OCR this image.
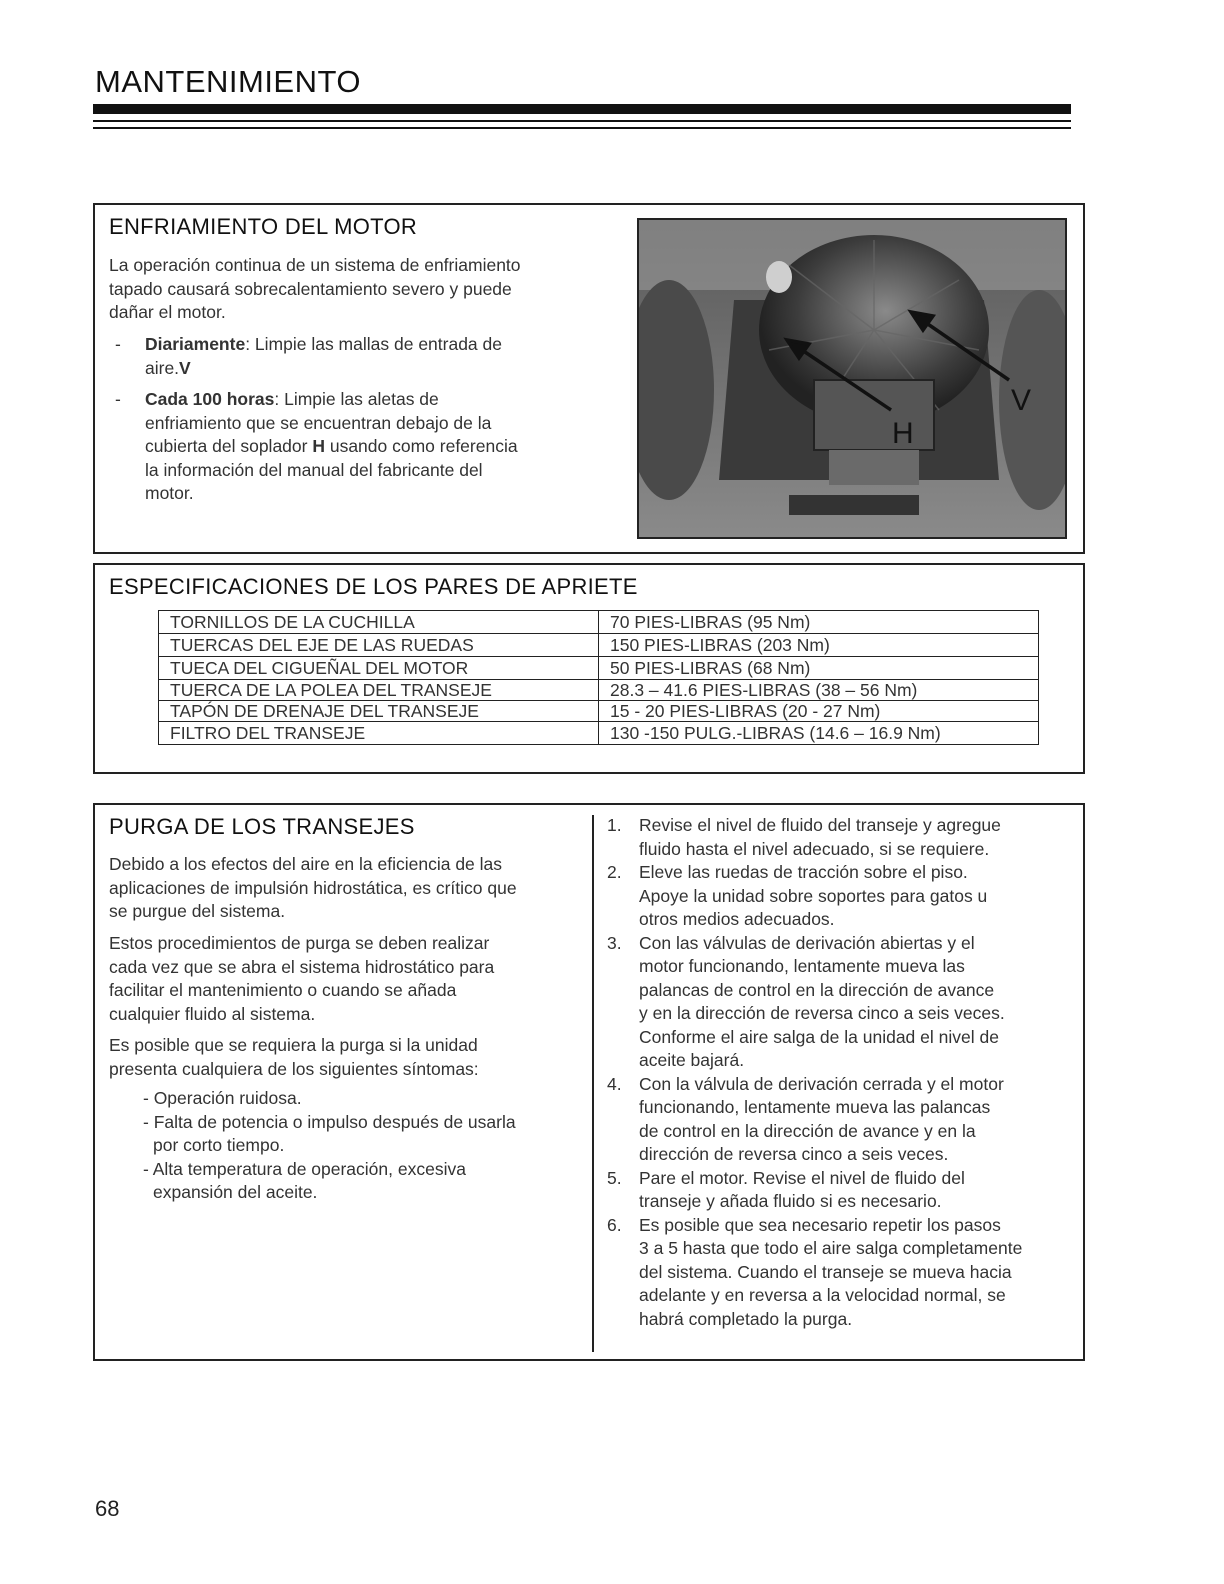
MANTENIMIENTO
ENFRIAMIENTO DEL MOTOR
La operación continua de un sistema de enfriamiento
tapado causará sobrecalentamiento severo y puede
dañar el motor.
- Diariamente: Limpie las mallas de entrada de
aire.V
- Cada 100 horas: Limpie las aletas de
enfriamiento que se encuentran debajo de la
cubierta del soplador H usando como referencia
la información del manual del fabricante del
motor.
V
H
ESPECIFICACIONES DE LOS PARES DE APRIETE
TORNILLOS DE LA CUCHILLA	70 PIES-LIBRAS (95 Nm)
TUERCAS DEL EJE DE LAS RUEDAS	150 PIES-LIBRAS (203 Nm)
TUECA DEL CIGUEÑAL DEL MOTOR	50 PIES-LIBRAS (68 Nm)
TUERCA DE LA POLEA DEL TRANSEJE	28.3 – 41.6 PIES-LIBRAS (38 – 56 Nm)
TAPÓN DE DRENAJE DEL TRANSEJE	15 - 20 PIES-LIBRAS (20 - 27 Nm)
FILTRO DEL TRANSEJE	130 -150 PULG.-LIBRAS (14.6 – 16.9 Nm)
PURGA DE LOS TRANSEJES
Debido a los efectos del aire en la eficiencia de las
aplicaciones de impulsión hidrostática, es crítico que
se purgue del sistema.
Estos procedimientos de purga se deben realizar
cada vez que se abra el sistema hidrostático para
facilitar el mantenimiento o cuando se añada
cualquier fluido al sistema.
Es posible que se requiera la purga si la unidad
presenta cualquiera de los siguientes síntomas:
- Operación ruidosa.
- Falta de potencia o impulso después de usarla
por corto tiempo.
- Alta temperatura de operación, excesiva
expansión del aceite.
1. Revise el nivel de fluido del transeje y agregue
fluido hasta el nivel adecuado, si se requiere.
2. Eleve las ruedas de tracción sobre el piso.
Apoye la unidad sobre soportes para gatos u
otros medios adecuados.
3. Con las válvulas de derivación abiertas y el
motor funcionando, lentamente mueva las
palancas de control en la dirección de avance
y en la dirección de reversa cinco a seis veces.
Conforme el aire salga de la unidad el nivel de
aceite bajará.
4. Con la válvula de derivación cerrada y el motor
funcionando, lentamente mueva las palancas
de control en la dirección de avance y en la
dirección de reversa cinco a seis veces.
5. Pare el motor. Revise el nivel de fluido del
transeje y añada fluido si es necesario.
6. Es posible que sea necesario repetir los pasos
3 a 5 hasta que todo el aire salga completamente
del sistema. Cuando el transeje se mueva hacia
adelante y en reversa a la velocidad normal, se
habrá completado la purga.
68
